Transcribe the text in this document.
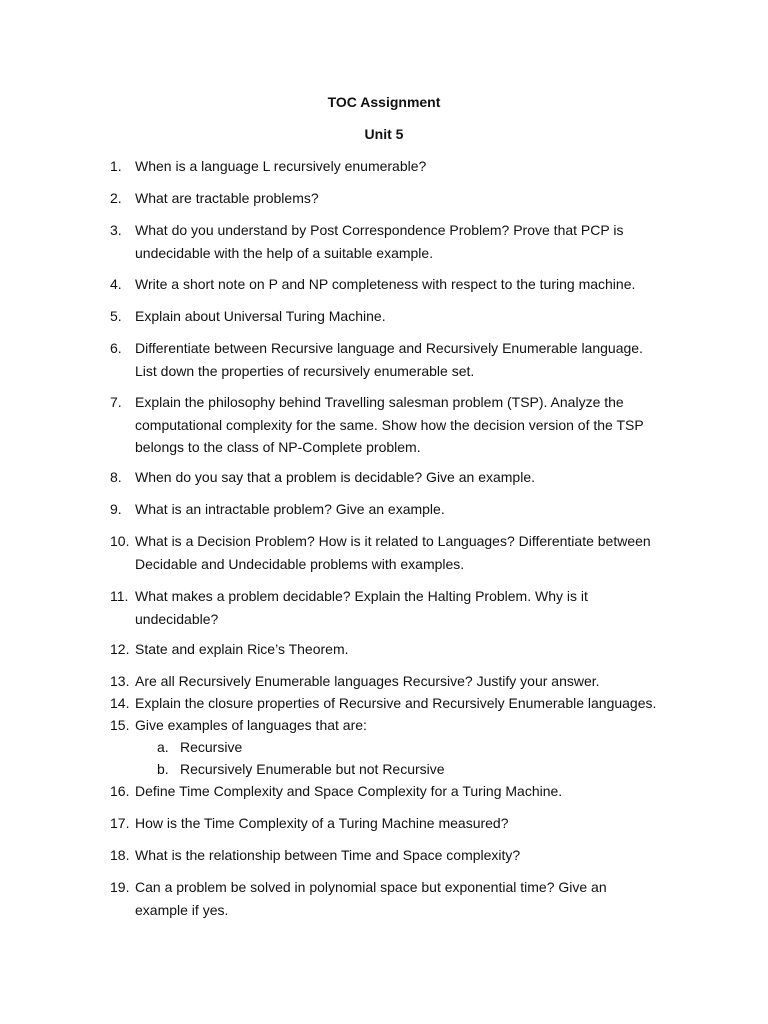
TOC Assignment
Unit 5
1. When is a language L recursively enumerable?
2. What are tractable problems?
3. What do you understand by Post Correspondence Problem? Prove that PCP is
undecidable with the help of a suitable example.
4. Write a short note on P and NP completeness with respect to the turing machine.
5. Explain about Universal Turing Machine.
6. Differentiate between Recursive language and Recursively Enumerable language.
List down the properties of recursively enumerable set.
7. Explain the philosophy behind Travelling salesman problem (TSP). Analyze the
computational complexity for the same. Show how the decision version of the TSP
belongs to the class of NP-Complete problem.
8. When do you say that a problem is decidable? Give an example.
9. What is an intractable problem? Give an example.
10. What is a Decision Problem? How is it related to Languages? Differentiate between
Decidable and Undecidable problems with examples.
11. What makes a problem decidable? Explain the Halting Problem. Why is it
undecidable?
12. State and explain Rice’s Theorem.
13. Are all Recursively Enumerable languages Recursive? Justify your answer.
14. Explain the closure properties of Recursive and Recursively Enumerable languages.
15. Give examples of languages that are:
16. Define Time Complexity and Space Complexity for a Turing Machine.
17. How is the Time Complexity of a Turing Machine measured?
18. What is the relationship between Time and Space complexity?
19. Can a problem be solved in polynomial space but exponential time? Give an
example if yes.
a. Recursive
b. Recursively Enumerable but not Recursive
